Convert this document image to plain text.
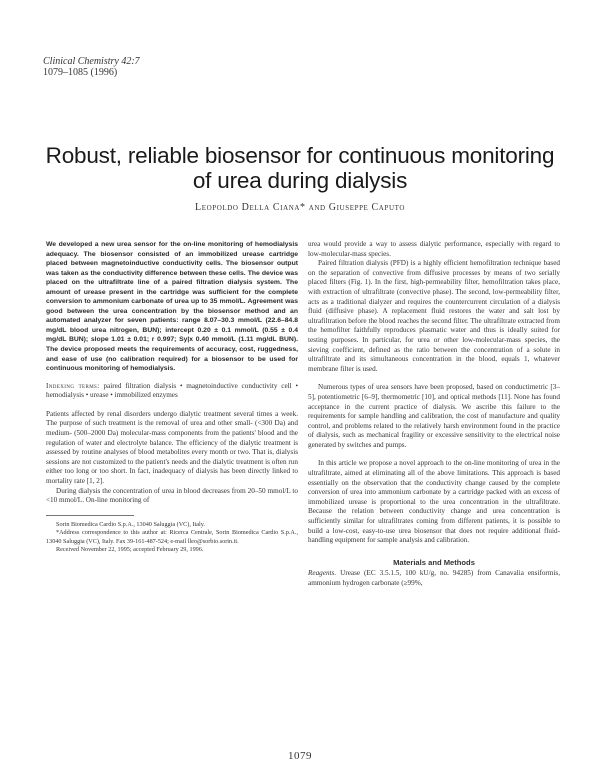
Clinical Chemistry 42:7
1079–1085 (1996)
Robust, reliable biosensor for continuous monitoring of urea during dialysis
Leopoldo Della Ciana* and Giuseppe Caputo

We developed a new urea sensor for the on-line monitoring of hemodialysis adequacy. The biosensor consisted of an immobilized urease cartridge placed between magnetoinductive conductivity cells. The biosensor output was taken as the conductivity difference between these cells. The device was placed on the ultrafiltrate line of a paired filtration dialysis system. The amount of urease present in the cartridge was sufficient for the complete conversion to ammonium carbonate of urea up to 35 mmol/L. Agreement was good between the urea concentration by the biosensor method and an automated analyzer for seven patients: range 8.07–30.3 mmol/L (22.6–84.8 mg/dL blood urea nitrogen, BUN); intercept 0.20 ± 0.1 mmol/L (0.55 ± 0.4 mg/dL BUN); slope 1.01 ± 0.01; r 0.997; Sy|x 0.40 mmol/L (1.11 mg/dL BUN). The device proposed meets the requirements of accuracy, cost, ruggedness, and ease of use (no calibration required) for a biosensor to be used for continuous monitoring of hemodialysis.

Indexing terms: paired filtration dialysis • magnetoinductive conductivity cell • hemodialysis • urease • immobilized enzymes

Patients affected by renal disorders undergo dialytic treatment several times a week. The purpose of such treatment is the removal of urea and other small- (<300 Da) and medium- (500–2000 Da) molecular-mass components from the patients' blood and the regulation of water and electrolyte balance. The efficiency of the dialytic treatment is assessed by routine analyses of blood metabolites every month or two. That is, dialysis sessions are not customized to the patient's needs and the dialytic treatment is often run either too long or too short. In fact, inadequacy of dialysis has been directly linked to mortality rate [1, 2].

During dialysis the concentration of urea in blood decreases from 20–50 mmol/L to <10 mmol/L. On-line monitoring of

Sorin Biomedica Cardio S.p.A., 13040 Saluggia (VC), Italy.

*Address correspondence to this author at: Ricerca Centrale, Sorin Biomedica Cardio S.p.A., 13040 Saluggia (VC), Italy. Fax 39-161-487-524; e-mail lleo@sorbio.sorin.it.

Received November 22, 1995; accepted February 29, 1996.

urea would provide a way to assess dialytic performance, especially with regard to low-molecular-mass species.

Paired filtration dialysis (PFD) is a highly efficient hemofiltration technique based on the separation of convective from diffusive processes by means of two serially placed filters (Fig. 1). In the first, high-permeability filter, hemofiltration takes place, with extraction of ultrafiltrate (convective phase). The second, low-permeability filter, acts as a traditional dialyzer and requires the countercurrent circulation of a dialysis fluid (diffusive phase). A replacement fluid restores the water and salt lost by ultrafiltration before the blood reaches the second filter. The ultrafiltrate extracted from the hemofilter faithfully reproduces plasmatic water and thus is ideally suited for testing purposes. In particular, for urea or other low-molecular-mass species, the sieving coefficient, defined as the ratio between the concentration of a solute in ultrafiltrate and its simultaneous concentration in the blood, equals 1, whatever membrane filter is used.

Numerous types of urea sensors have been proposed, based on conductimetric [3–5], potentiometric [6–9], thermometric [10], and optical methods [11]. None has found acceptance in the current practice of dialysis. We ascribe this failure to the requirements for sample handling and calibration, the cost of manufacture and quality control, and problems related to the relatively harsh environment found in the practice of dialysis, such as mechanical fragility or excessive sensitivity to the electrical noise generated by switches and pumps.

In this article we propose a novel approach to the on-line monitoring of urea in the ultrafiltrate, aimed at eliminating all of the above limitations. This approach is based essentially on the observation that the conductivity change caused by the complete conversion of urea into ammonium carbonate by a cartridge packed with an excess of immobilized urease is proportional to the urea concentration in the ultrafiltrate. Because the relation between conductivity change and urea concentration is sufficiently similar for ultrafiltrates coming from different patients, it is possible to build a low-cost, easy-to-use urea biosensor that does not require additional fluid-handling equipment for sample analysis and calibration.

Materials and Methods

Reagents. Urease (EC 3.5.1.5, 100 kU/g, no. 94285) from Canavalia ensiformis, ammonium hydrogen carbonate (≥99%,

1079
